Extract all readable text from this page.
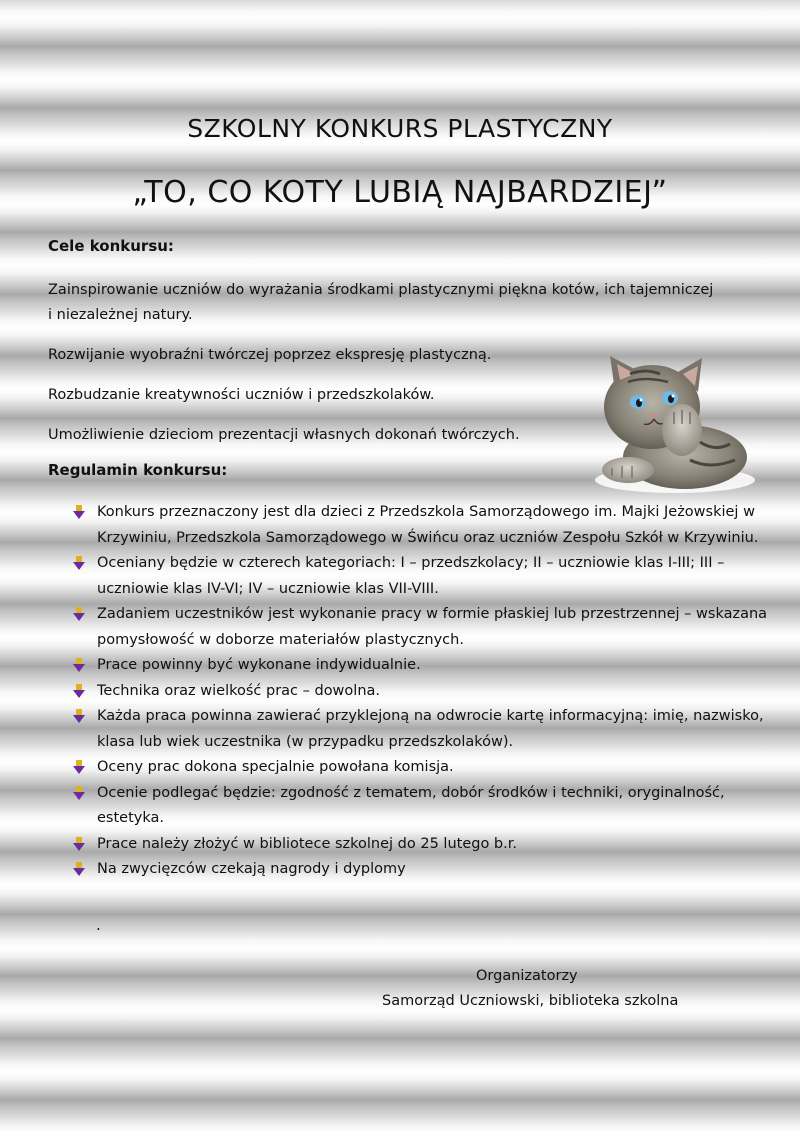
SZKOLNY KONKURS PLASTYCZNY
„TO, CO KOTY LUBIĄ NAJBARDZIEJ”
Cele konkursu:
Zainspirowanie uczniów do wyrażania środkami plastycznymi piękna kotów, ich tajemniczej
i niezależnej natury.
Rozwijanie wyobraźni twórczej poprzez ekspresję plastyczną.
Rozbudzanie kreatywności uczniów i przedszkolaków.
Umożliwienie dzieciom prezentacji własnych dokonań twórczych.
Regulamin konkursu:
Konkurs przeznaczony jest dla dzieci z Przedszkola Samorządowego im. Majki Jeżowskiej w Krzywiniu, Przedszkola Samorządowego w Świńcu oraz uczniów Zespołu Szkół w Krzywiniu.
Oceniany będzie w czterech kategoriach: I – przedszkolacy; II – uczniowie klas I-III; III – uczniowie klas IV-VI; IV – uczniowie klas VII-VIII.
Zadaniem uczestników jest wykonanie pracy w formie płaskiej lub przestrzennej – wskazana pomysłowość w doborze materiałów plastycznych.
Prace powinny być wykonane indywidualnie.
Technika oraz wielkość prac – dowolna.
Każda praca powinna zawierać przyklejoną na odwrocie kartę informacyjną: imię, nazwisko, klasa lub wiek uczestnika (w przypadku przedszkolaków).
Oceny prac dokona specjalnie powołana komisja.
Ocenie podlegać będzie: zgodność z tematem, dobór środków i techniki, oryginalność, estetyka.
Prace należy złożyć w bibliotece szkolnej do 25 lutego b.r.
Na zwycięzców czekają nagrody i dyplomy
.
Organizatorzy
Samorząd Uczniowski, biblioteka szkolna
